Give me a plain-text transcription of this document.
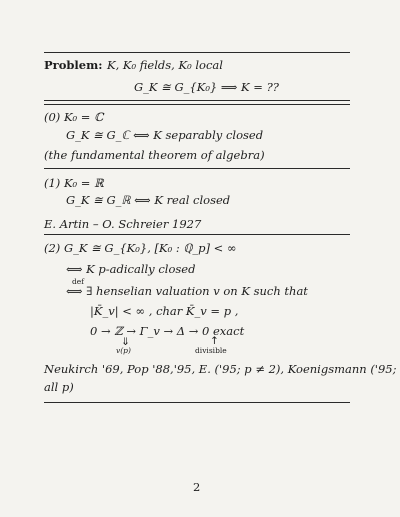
Problem: K, K₀ fields, K₀ local
G_K ≅ G_{K₀} ⟹ K = ??
(0) K₀ = ℂ
G_K ≅ G_ℂ ⟺ K separably closed
(the fundamental theorem of algebra)
(1) K₀ = ℝ
G_K ≅ G_ℝ ⟺ K real closed
E. Artin – O. Schreier 1927
(2) G_K ≅ G_{K₀}, [K₀ : ℚ_p] < ∞
⟺ K p-adically closed
def
⟺ ∃ henselian valuation v on K such that
|K̄_v| < ∞ , char K̄_v = p ,
0 → ℤ → Γ_v → Δ → 0 exact
⇓
v(p)
↑
divisible
Neukirch '69, Pop '88,'95, E. ('95; p ≠ 2), Koenigsmann ('95;
all p)
2
